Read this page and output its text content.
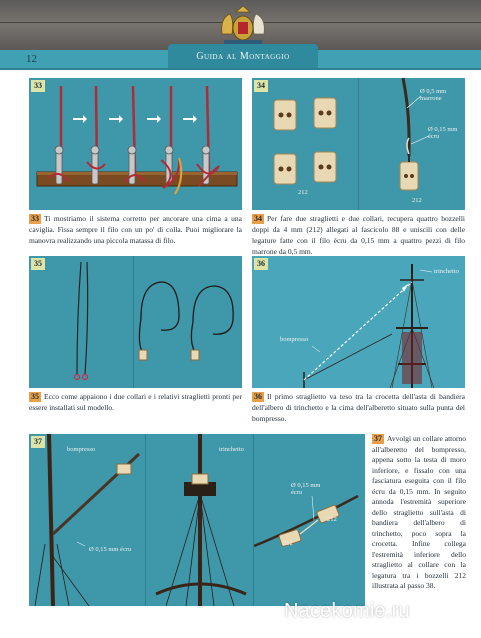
Guida al Montaggio
12
33	34
212
Ø 0,5 mm marrone
Ø 0,15 mm écru
212
33 Ti mostriamo il sistema corretto per ancorare una cima a una caviglia. Fissa sempre il filo con un po' di colla. Puoi migliorare la manovra realizzando una piccola matassa di filo.
34 Per fare due straglietti e due collari, recupera quattro bozzelli doppi da 4 mm (212) allegati al fascicolo 88 e uniscili con delle legature fatte con il filo écru da 0,15 mm a quattro pezzi di filo marrone da 0,5 mm.
35	36
trinchetto
bompresso
35 Ecco come appaiono i due collari e i relativi straglietti pronti per essere installati sul modello.
36 Il primo straglietto va teso tra la crocetta dell'asta di bandiera dell'albero di trinchetto e la cima dell'alberetto situato sulla punta del bompresso.
37
bompresso
Ø 0,15 mm écru
trinchetto
Ø 0,15 mm écru
212
212
37 Avvolgi un collare attorno all'alberetto del bompresso, appena sotto la testa di moro inferiore, e fissalo con una fasciatura eseguita con il filo écru da 0,15 mm. In seguito annoda l'estremità superiore dello straglietto sull'asta di bandiera dell'albero di trinchetto, poco sopra la crocetta. Infine collega l'estremità inferiore dello straglietto al collare con la legatura tra i bozzelli 212 illustrata al passo 38.
Nacekomie.ru
